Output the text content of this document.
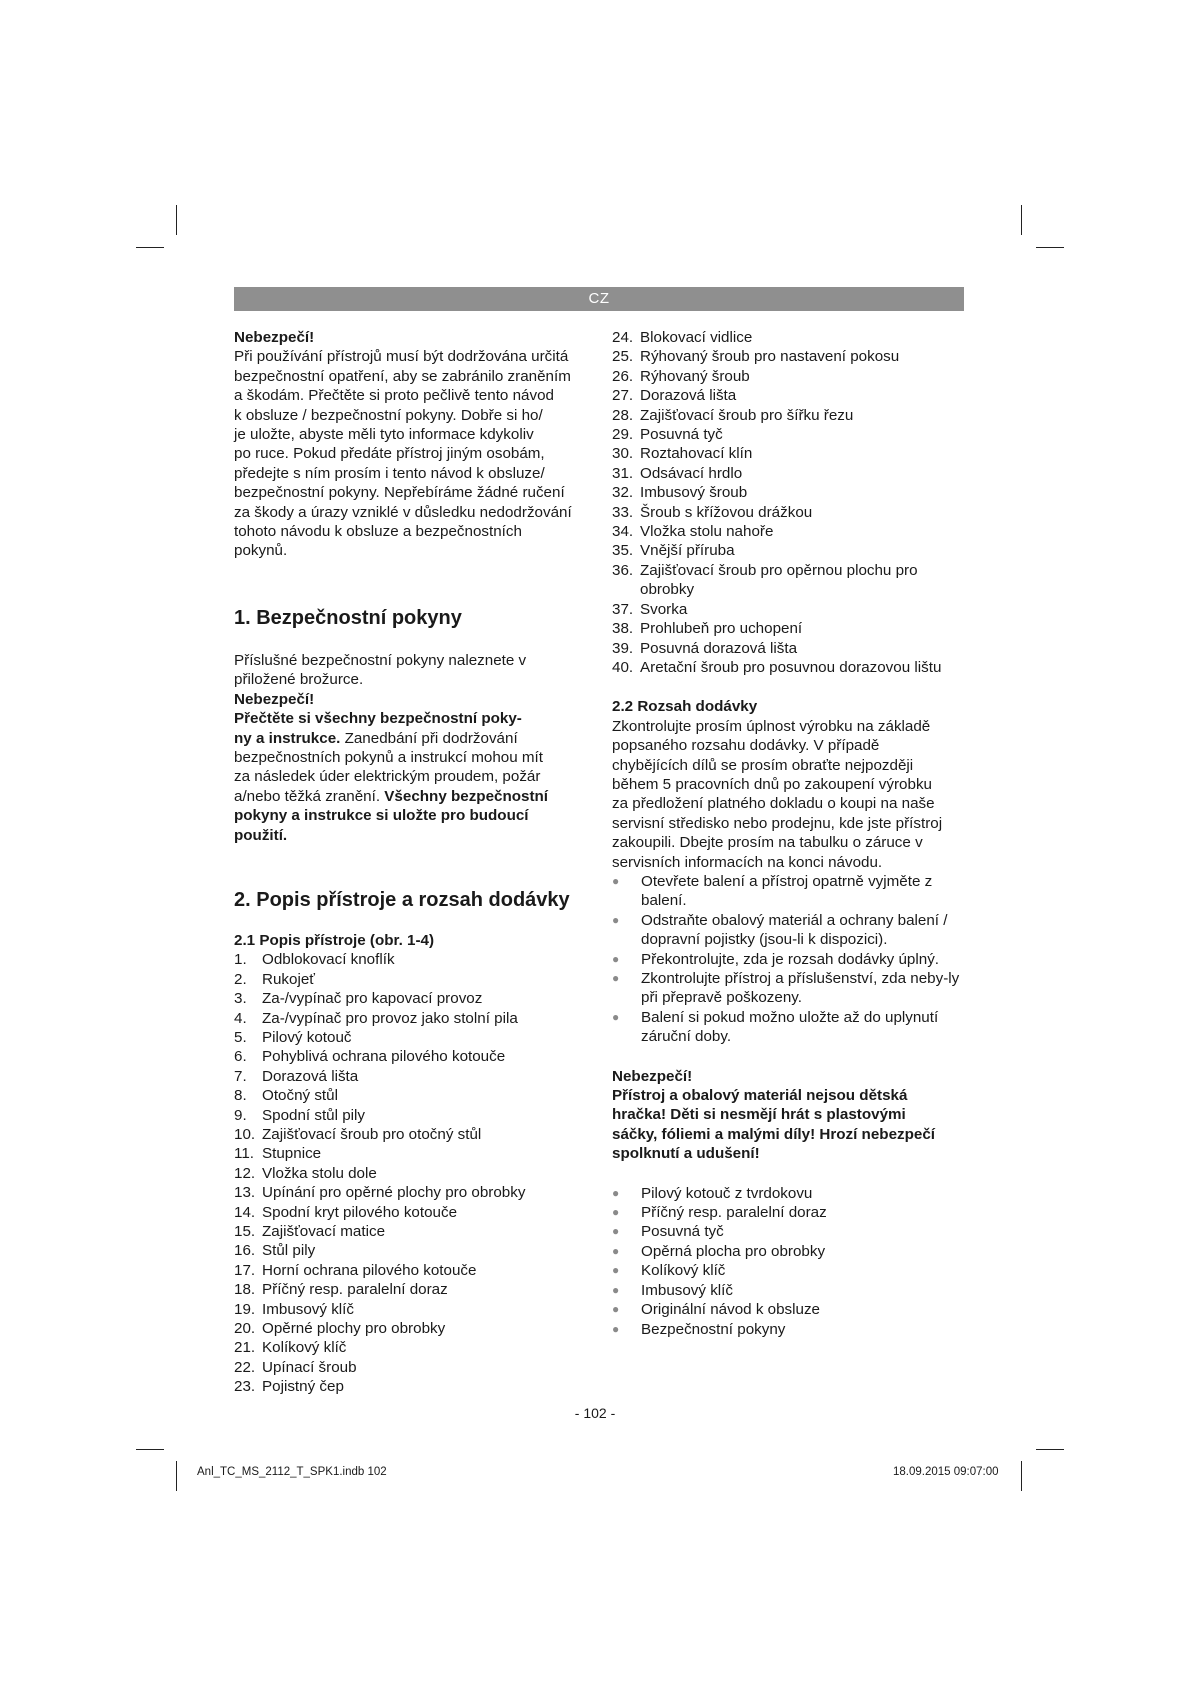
CZ

Nebezpečí!

Při používání přístrojů musí být dodržována určitá
bezpečnostní opatření, aby se zabránilo zraněním
a škodám. Přečtěte si proto pečlivě tento návod
k obsluze / bezpečnostní pokyny. Dobře si ho/
je uložte, abyste měli tyto informace kdykoliv
po ruce. Pokud předáte přístroj jiným osobám,
předejte s ním prosím i tento návod k obsluze/
bezpečnostní pokyny. Nepřebíráme žádné ručení
za škody a úrazy vzniklé v důsledku nedodržování
tohoto návodu k obsluze a bezpečnostních
pokynů.
1. Bezpečnostní pokyny
Příslušné bezpečnostní pokyny naleznete v
přiložené brožurce.
Nebezpečí!
Přečtěte si všechny bezpečnostní poky-
ny a instrukce. Zanedbání při dodržování
bezpečnostních pokynů a instrukcí mohou mít
za následek úder elektrickým proudem, požár
a/nebo těžká zranění. Všechny bezpečnostní
pokyny a instrukce si uložte pro budoucí
použití.
2. Popis přístroje a rozsah dodávky

2.1 Popis přístroje (obr. 1-4)

1.	Odblokovací knoflík
2.	Rukojeť
3.	Za-/vypínač pro kapovací provoz
4.	Za-/vypínač pro provoz jako stolní pila
5.	Pilový kotouč
6.	Pohyblivá ochrana pilového kotouče
7.	Dorazová lišta
8.	Otočný stůl
9.	Spodní stůl pily
10. Zajišťovací šroub pro otočný stůl
11. Stupnice
12. Vložka stolu dole
13. Upínání pro opěrné plochy pro obrobky
14. Spodní kryt pilového kotouče
15. Zajišťovací matice
16. Stůl pily
17. Horní ochrana pilového kotouče
18. Příčný resp. paralelní doraz
19. Imbusový klíč
20. Opěrné plochy pro obrobky
21. Kolíkový klíč
22. Upínací šroub
23. Pojistný čep
24. Blokovací vidlice
25. Rýhovaný šroub pro nastavení pokosu
26. Rýhovaný šroub
27. Dorazová lišta
28. Zajišťovací šroub pro šířku řezu
29. Posuvná tyč
30. Roztahovací klín
31. Odsávací hrdlo
32. Imbusový šroub
33. Šroub s křížovou drážkou
34. Vložka stolu nahoře
35. Vnější příruba
36. Zajišťovací šroub pro opěrnou plochu pro obrobky
37. Svorka
38. Prohlubeň pro uchopení
39. Posuvná dorazová lišta
40. Aretační šroub pro posuvnou dorazovou lištu

2.2 Rozsah dodávky

Zkontrolujte prosím úplnost výrobku na základě
popsaného rozsahu dodávky. V případě
chybějících dílů se prosím obraťte nejpozději
během 5 pracovních dnů po zakoupení výrobku
za předložení platného dokladu o koupi na naše
servisní středisko nebo prodejnu, kde jste přístroj
zakoupili. Dbejte prosím na tabulku o záruce v
servisních informacích na konci návodu.
●	Otevřete balení a přístroj opatrně vyjměte z balení.
●	Odstraňte obalový materiál a ochrany balení / dopravní pojistky (jsou-li k dispozici).
●	Překontrolujte, zda je rozsah dodávky úplný.
●	Zkontrolujte přístroj a příslušenství, zda neby-ly při přepravě poškozeny.
●	Balení si pokud možno uložte až do uplynutí záruční doby.

Nebezpečí!

Přístroj a obalový materiál nejsou dětská
hračka! Děti si nesmějí hrát s plastovými
sáčky, fóliemi a malými díly! Hrozí nebezpečí
spolknutí a udušení!
●	Pilový kotouč z tvrdokovu
●	Příčný resp. paralelní doraz
●	Posuvná tyč
●	Opěrná plocha pro obrobky
●	Kolíkový klíč
●	Imbusový klíč
●	Originální návod k obsluze
●	Bezpečnostní pokyny
- 102 -
Anl_TC_MS_2112_T_SPK1.indb 102	18.09.2015 09:07:00
